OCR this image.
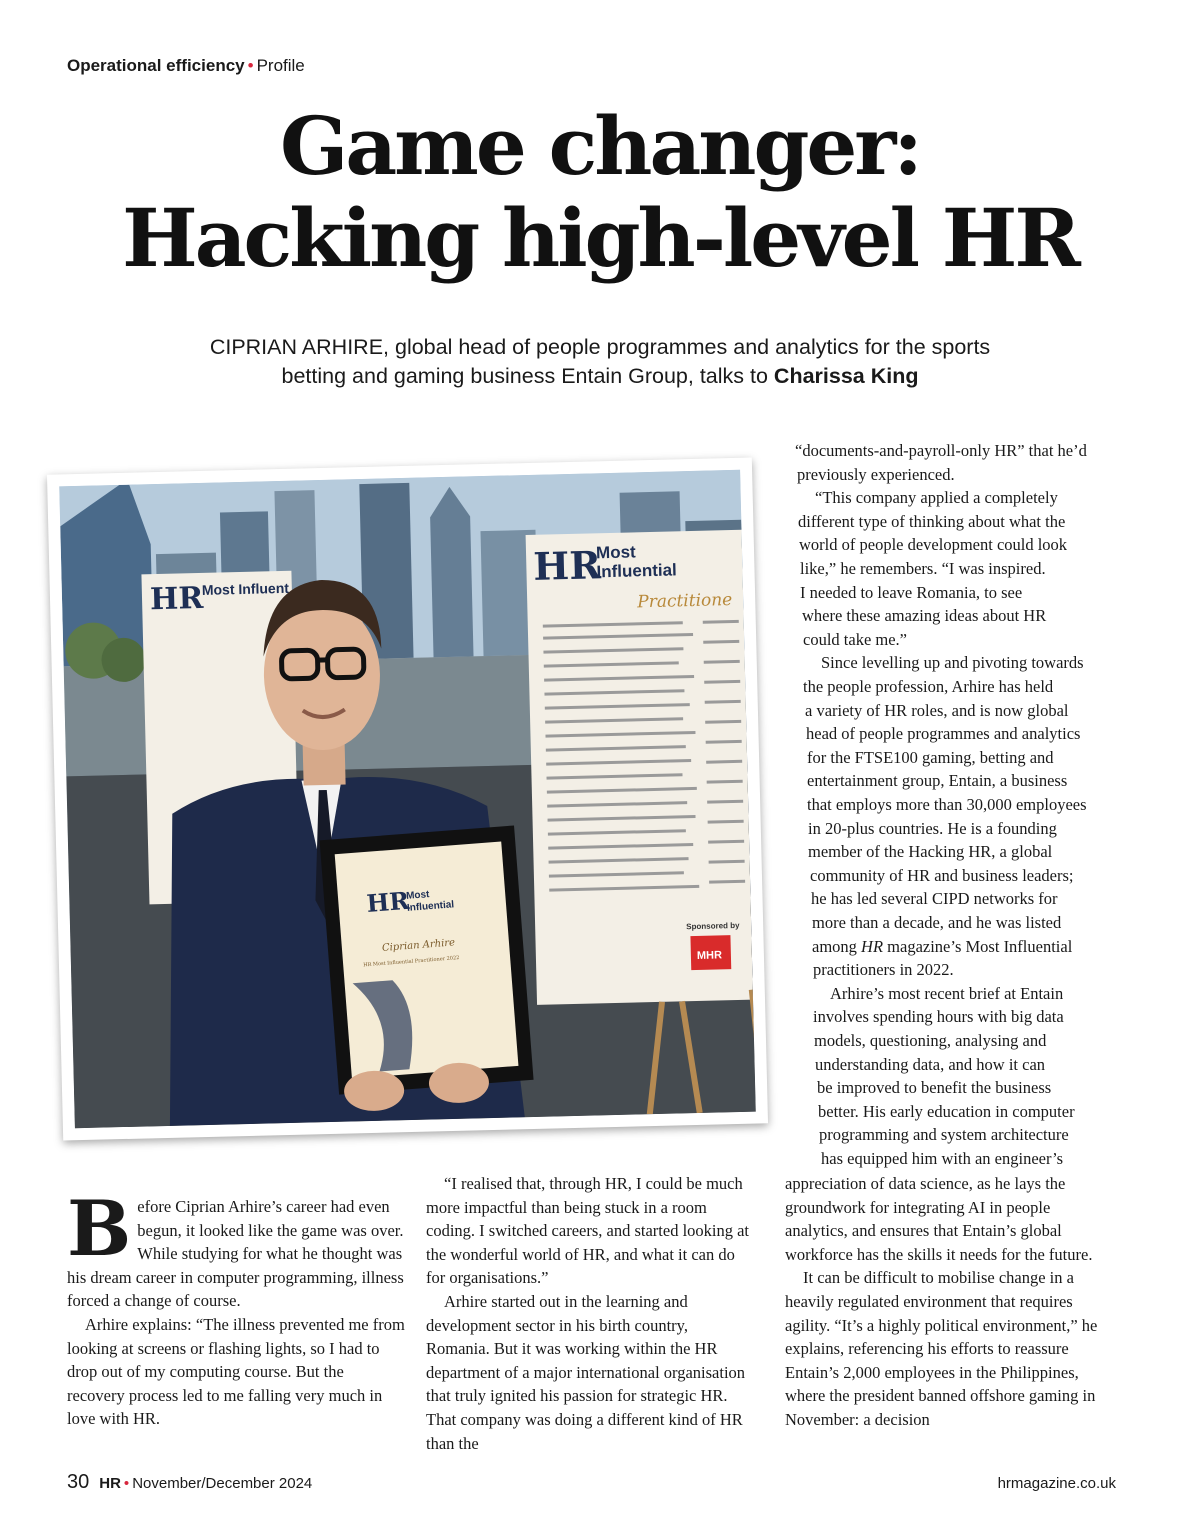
Operational efficiency • Profile
Game changer:
Hacking high-level HR
CIPRIAN ARHIRE, global head of people programmes and analytics for the sports
betting and gaming business Entain Group, talks to Charissa King
HR
Most Influent
HR
Most
Influential
Practitione
Sponsored by
MHR
HR
Most
Influential
Ciprian Arhire
HR Most Influential Practitioner 2022
“documents-and-payroll-only HR” that he’d
previously experienced.
“This company applied a completely
different type of thinking about what the
world of people development could look
like,” he remembers. “I was inspired.
I needed to leave Romania, to see
where these amazing ideas about HR
could take me.”
Since levelling up and pivoting towards
the people profession, Arhire has held
a variety of HR roles, and is now global
head of people programmes and analytics
for the FTSE100 gaming, betting and
entertainment group, Entain, a business
that employs more than 30,000 employees
in 20-plus countries. He is a founding
member of the Hacking HR, a global
community of HR and business leaders;
he has led several CIPD networks for
more than a decade, and he was listed
among HR magazine’s Most Influential
practitioners in 2022.
Arhire’s most recent brief at Entain
involves spending hours with big data
models, questioning, analysing and
understanding data, and how it can
be improved to benefit the business
better. His early education in computer
programming and system architecture
has equipped him with an engineer’s

Before Ciprian Arhire’s career had even begun, it looked like the game was over. While studying for what he thought was his dream career in computer programming, illness forced a change of course.

Arhire explains: “The illness prevented me from looking at screens or flashing lights, so I had to drop out of my computing course. But the recovery process led to me falling very much in love with HR.

“I realised that, through HR, I could be much more impactful than being stuck in a room coding. I switched careers, and started looking at the wonderful world of HR, and what it can do for organisations.”

Arhire started out in the learning and development sector in his birth country, Romania. But it was working within the HR department of a major international organisation that truly ignited his passion for strategic HR. That company was doing a different kind of HR than the

appreciation of data science, as he lays the groundwork for integrating AI in people analytics, and ensures that Entain’s global workforce has the skills it needs for the future.

It can be difficult to mobilise change in a heavily regulated environment that requires agility. “It’s a highly political environment,” he explains, referencing his efforts to reassure Entain’s 2,000 employees in the Philippines, where the president banned offshore gaming in November: a decision

30 HR • November/December 2024	hrmagazine.co.uk
